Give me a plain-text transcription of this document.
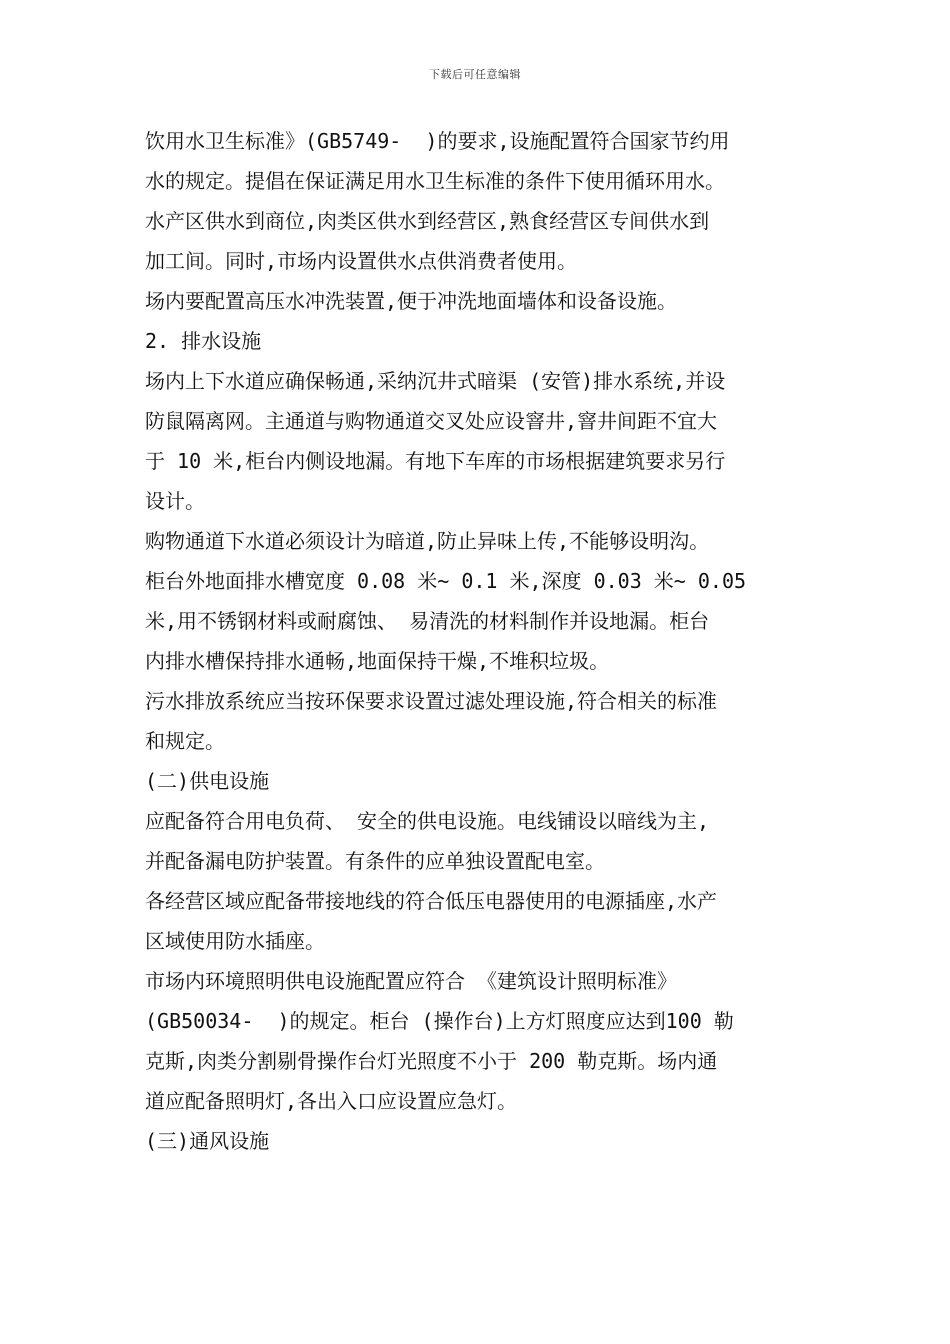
下载后可任意编辑
饮用水卫生标准》(GB5749-  )的要求,设施配置符合国家节约用
水的规定。提倡在保证满足用水卫生标准的条件下使用循环用水。
水产区供水到商位,肉类区供水到经营区,熟食经营区专间供水到
加工间。同时,市场内设置供水点供消费者使用。
场内要配置高压水冲洗装置,便于冲洗地面墙体和设备设施。
2. 排水设施
场内上下水道应确保畅通,采纳沉井式暗渠 (安管)排水系统,并设
防鼠隔离网。主通道与购物通道交叉处应设窨井,窨井间距不宜大
于 10 米,柜台内侧设地漏。有地下车库的市场根据建筑要求另行
设计。
购物通道下水道必须设计为暗道,防止异味上传,不能够设明沟。
柜台外地面排水槽宽度 0.08 米~ 0.1 米,深度 0.03 米~ 0.05
米,用不锈钢材料或耐腐蚀、 易清洗的材料制作并设地漏。柜台
内排水槽保持排水通畅,地面保持干燥,不堆积垃圾。
污水排放系统应当按环保要求设置过滤处理设施,符合相关的标准
和规定。
(二)供电设施
应配备符合用电负荷、 安全的供电设施。电线铺设以暗线为主,
并配备漏电防护装置。有条件的应单独设置配电室。
各经营区域应配备带接地线的符合低压电器使用的电源插座,水产
区域使用防水插座。
市场内环境照明供电设施配置应符合 《建筑设计照明标准》
(GB50034-  )的规定。柜台 (操作台)上方灯照度应达到100 勒
克斯,肉类分割剔骨操作台灯光照度不小于 200 勒克斯。场内通
道应配备照明灯,各出入口应设置应急灯。
(三)通风设施
